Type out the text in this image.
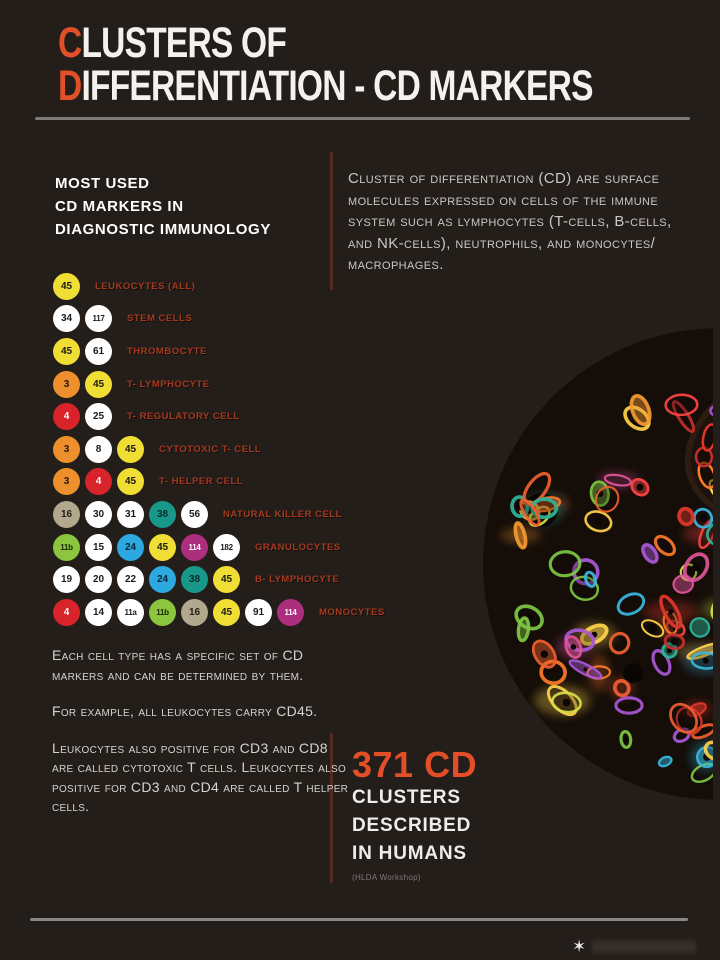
CLUSTERS OF
DIFFERENTIATION - CD MARKERS
MOST USED
CD MARKERS IN
DIAGNOSTIC IMMUNOLOGY
Cluster of differentiation (CD) are surface molecules expressed on cells of the immune system such as lymphocytes (T-cells, B-cells, and NK-cells), neutrophils, and monocytes/ macrophages.
45	LEUKOCYTES (ALL)
34	117	STEM CELLS
45	61	THROMBOCYTE
3	45	T- LYMPHOCYTE
4	25	T- REGULATORY CELL
3	8	45	CYTOTOXIC T- CELL
3	4	45	T- HELPER CELL
16	30	31	38	56	NATURAL KILLER CELL
11b	15	24	45	114	182	GRANULOCYTES
19	20	22	24	38	45	B- LYMPHOCYTE
4	14	11a	11b	16	45	91	114	MONOCYTES

Each cell type has a specific set of CD markers and can be determined by them.

For example, all leukocytes carry CD45.

Leukocytes also positive for CD3 and CD8 are called cytotoxic T cells. Leukocytes also positive for CD3 and CD4 are called T helper cells.

371 CD
CLUSTERS
DESCRIBED
IN HUMANS
(HLDA Workshop)
✶
